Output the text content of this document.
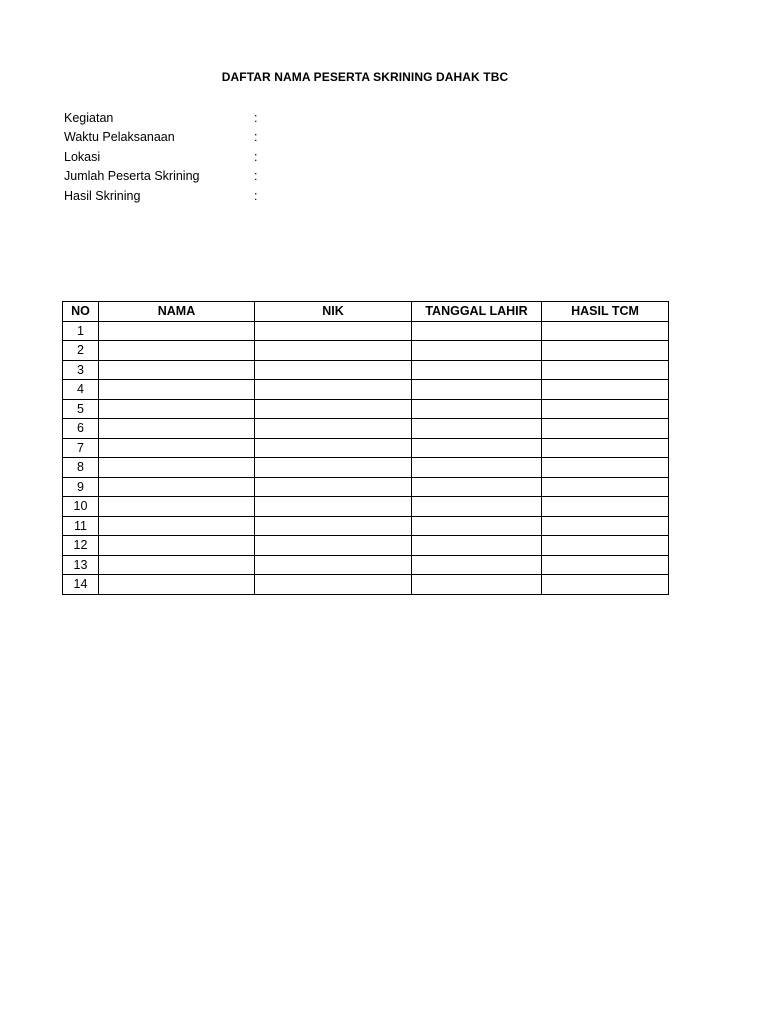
DAFTAR NAMA PESERTA SKRINING DAHAK TBC
Kegiatan	:
Waktu Pelaksanaan	:
Lokasi	:
Jumlah Peserta Skrining	:
Hasil Skrining	:
NO	NAMA	NIK	TANGGAL LAHIR	HASIL TCM
1				
2				
3				
4				
5				
6				
7				
8				
9				
10				
11				
12				
13				
14				
